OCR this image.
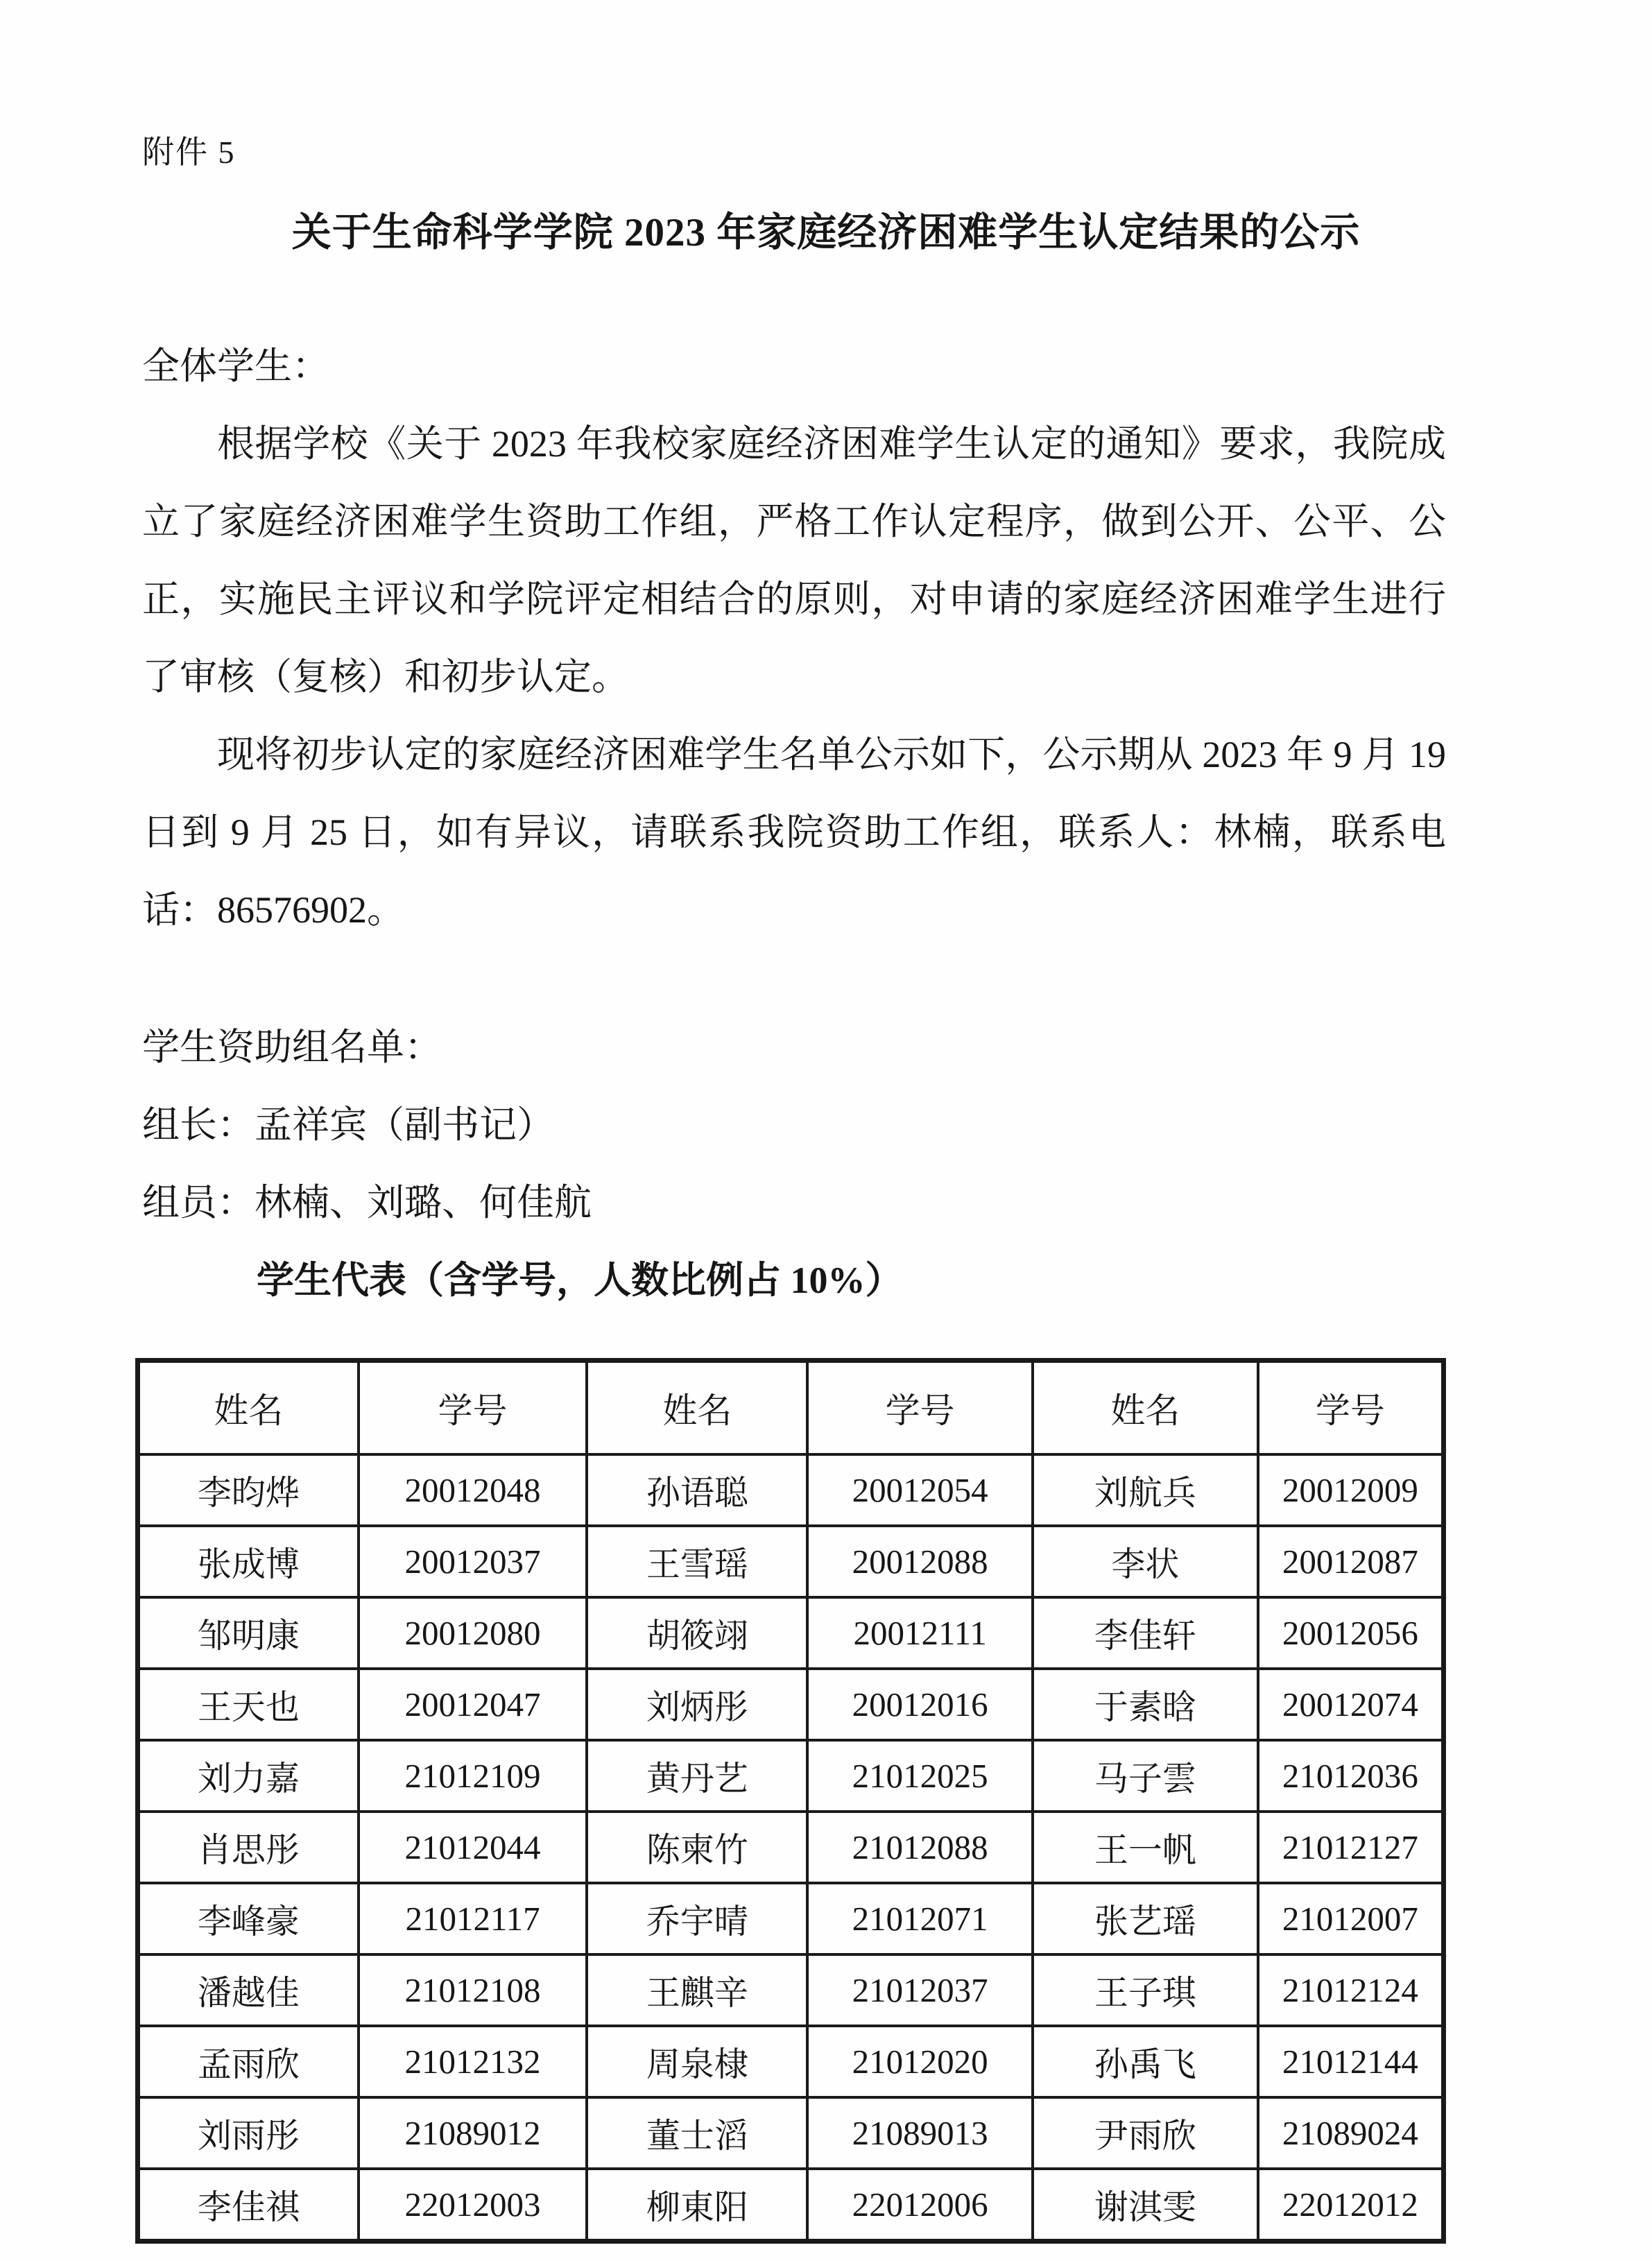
附件 5
关于生命科学学院 2023 年家庭经济困难学生认定结果的公示

全体学生：

根据学校《关于 2023 年我校家庭经济困难学生认定的通知》要求，我院成立了家庭经济困难学生资助工作组，严格工作认定程序，做到公开、公平、公正，实施民主评议和学院评定相结合的原则，对申请的家庭经济困难学生进行了审核（复核）和初步认定。

现将初步认定的家庭经济困难学生名单公示如下，公示期从 2023 年 9 月 19 日到 9 月 25 日，如有异议，请联系我院资助工作组，联系人：林楠，联系电话：86576902。

学生资助组名单：

组长：孟祥宾（副书记）

组员：林楠、刘璐、何佳航

学生代表（含学号，人数比例占 10%）

姓名	学号	姓名	学号	姓名	学号
李昀烨	20012048	孙语聪	20012054	刘航兵	20012009
张成博	20012037	王雪瑶	20012088	李状	20012087
邹明康	20012080	胡筱翊	20012111	李佳轩	20012056
王天也	20012047	刘炳彤	20012016	于素晗	20012074
刘力嘉	21012109	黄丹艺	21012025	马子雲	21012036
肖思彤	21012044	陈柬竹	21012088	王一帆	21012127
李峰豪	21012117	乔宇晴	21012071	张艺瑶	21012007
潘越佳	21012108	王麒辛	21012037	王子琪	21012124
孟雨欣	21012132	周泉棣	21012020	孙禹飞	21012144
刘雨彤	21089012	董士滔	21089013	尹雨欣	21089024
李佳祺	22012003	柳東阳	22012006	谢淇雯	22012012
